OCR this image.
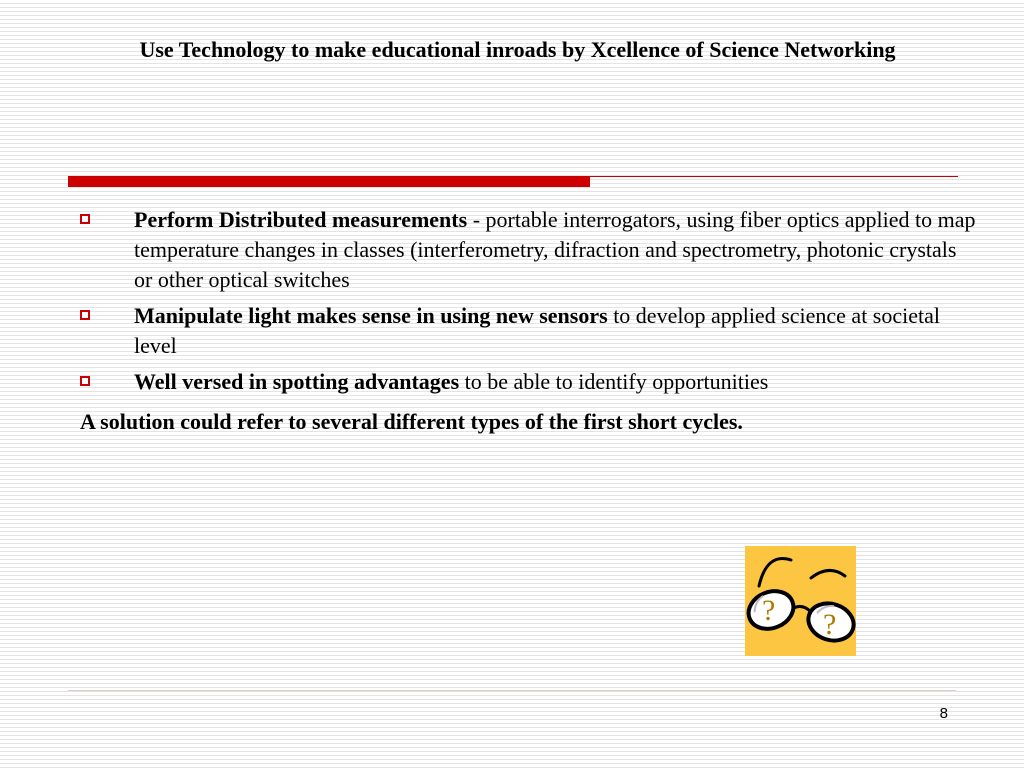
Use Technology to make educational inroads by Xcellence of Science Networking
Perform Distributed measurements - portable interrogators, using fiber optics applied to map temperature changes in classes (interferometry, difraction and spectrometry, photonic crystals or other optical switches
Manipulate light makes sense in using new sensors to develop applied science at societal level
Well versed in spotting advantages to be able to identify opportunities
A solution could refer to several different types of the first short cycles.
? ?
8
